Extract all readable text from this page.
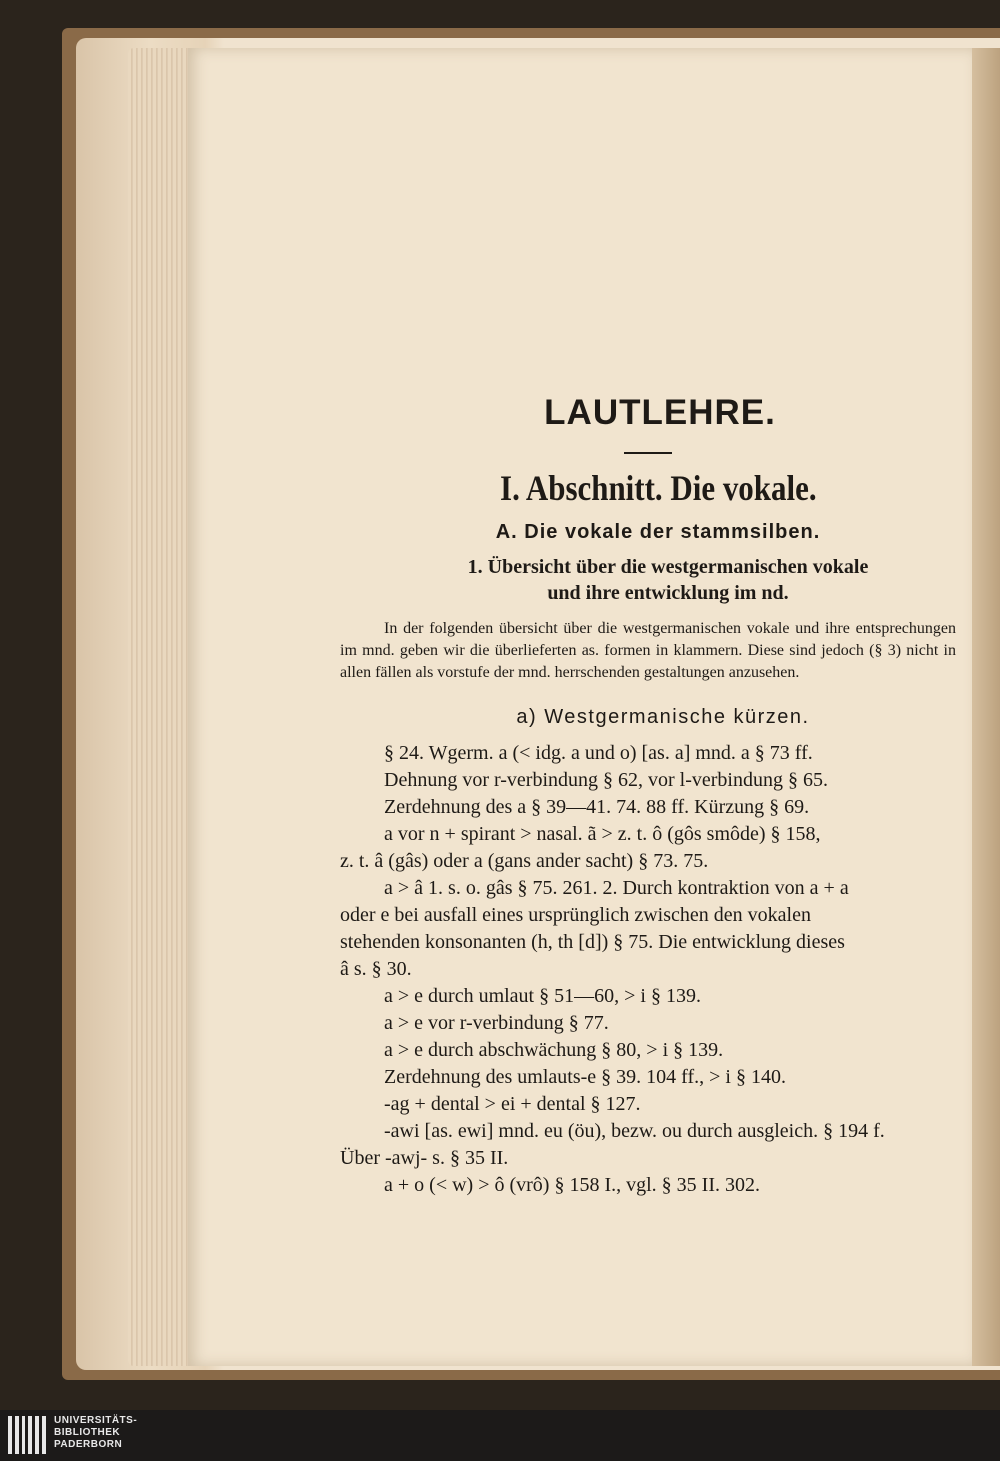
LAUTLEHRE.
I. Abschnitt. Die vokale.
A. Die vokale der stammsilben.
1. Übersicht über die westgermanischen vokale
und ihre entwicklung im nd.

In der folgenden übersicht über die westgermanischen vokale und ihre entsprechungen im mnd. geben wir die überlieferten as. formen in klammern. Diese sind jedoch (§ 3) nicht in allen fällen als vorstufe der mnd. herrschenden gestaltungen anzusehen.

a) Westgermanische kürzen.

§ 24. Wgerm. a (< idg. a und o) [as. a] mnd. a § 73 ff.

Dehnung vor r-verbindung § 62, vor l-verbindung § 65.

Zerdehnung des a § 39—41. 74. 88 ff. Kürzung § 69.

a vor n + spirant > nasal. ã > z. t. ô (gôs smôde) § 158,

z. t. â (gâs) oder a (gans ander sacht) § 73. 75.

a > â 1. s. o. gâs § 75. 261. 2. Durch kontraktion von a + a

oder e bei ausfall eines ursprünglich zwischen den vokalen

stehenden konsonanten (h, th [d]) § 75. Die entwicklung dieses

â s. § 30.

a > e durch umlaut § 51—60, > i § 139.

a > e vor r-verbindung § 77.

a > e durch abschwächung § 80, > i § 139.

Zerdehnung des umlauts-e § 39. 104 ff., > i § 140.

-ag + dental > ei + dental § 127.

-awi [as. ewi] mnd. eu (öu), bezw. ou durch ausgleich. § 194 f.

Über -awj- s. § 35 II.

a + o (< w) > ô (vrô) § 158 I., vgl. § 35 II. 302.

UNIVERSITÄTS-
BIBLIOTHEK
PADERBORN
